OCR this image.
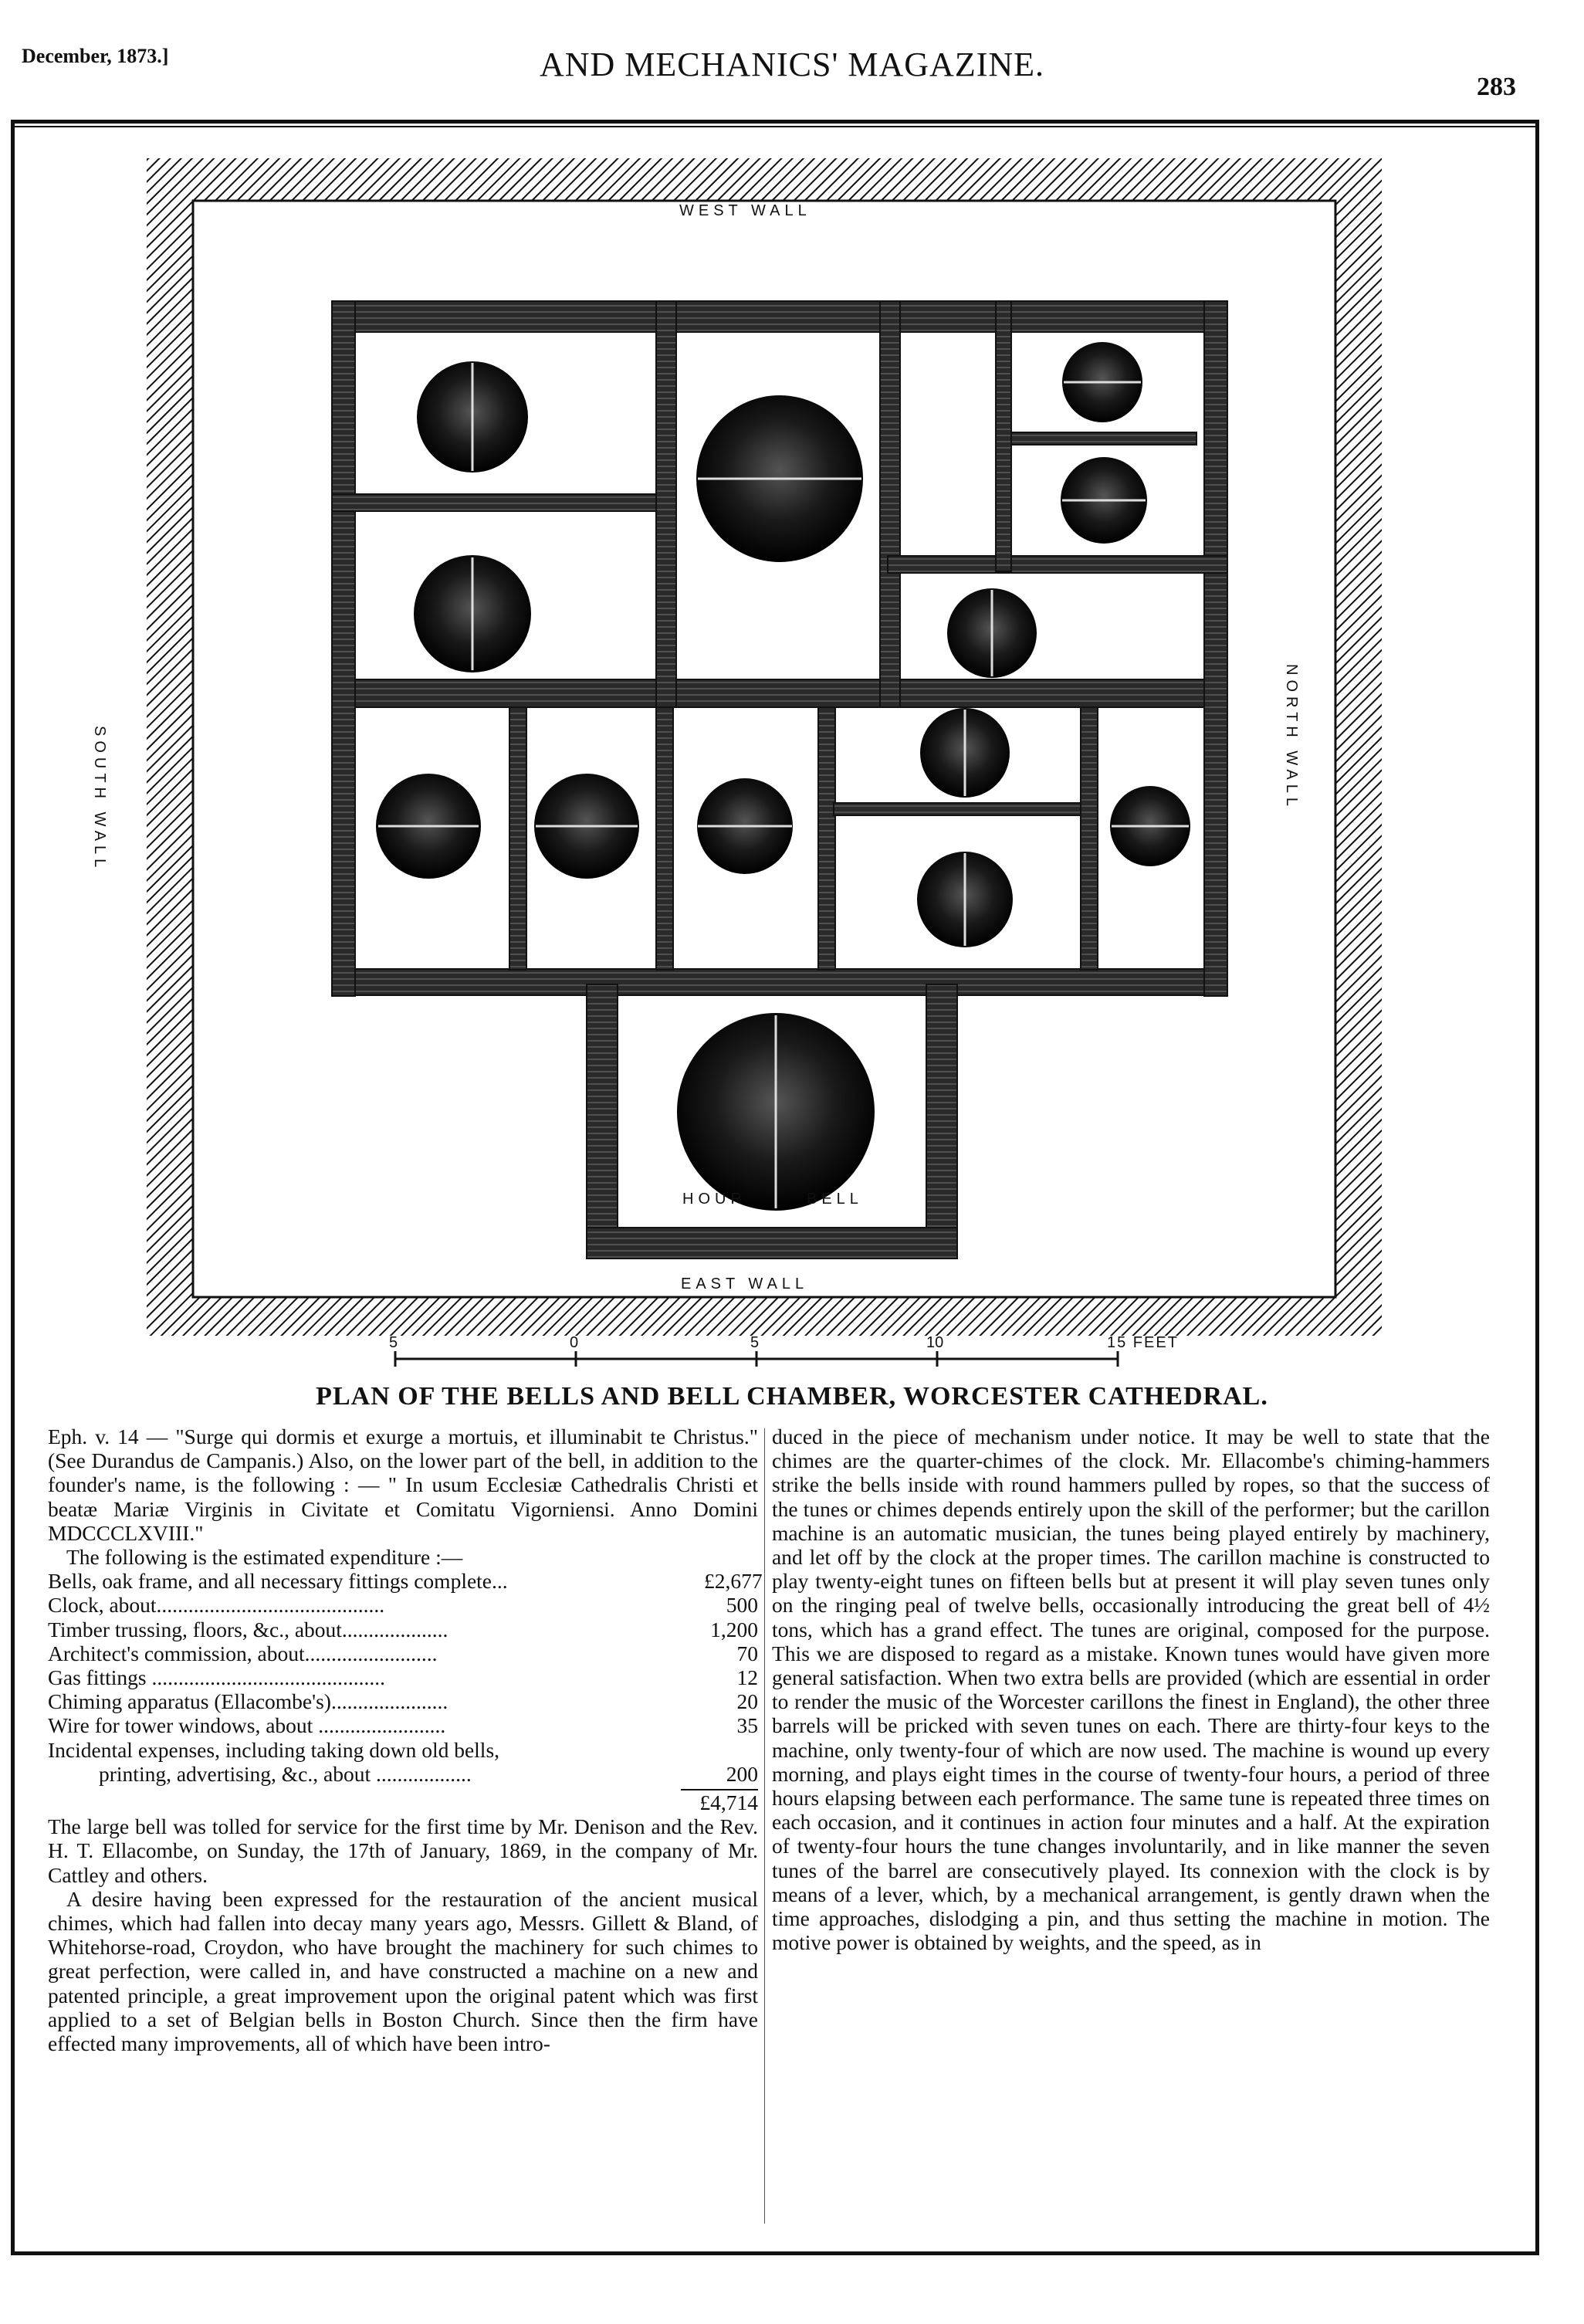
December, 1873.]	AND MECHANICS' MAGAZINE.
283
WEST WALL
EAST WALL
SOUTH WALL	NORTH WALL
HOUR	BELL
5	0	5	10	15 FEET
PLAN OF THE BELLS AND BELL CHAMBER, WORCESTER CATHEDRAL.

Eph. v. 14 — "Surge qui dormis et exurge a mortuis, et illuminabit te Christus." (See Durandus de Campanis.) Also, on the lower part of the bell, in addition to the founder's name, is the following : — " In usum Ecclesiæ Cathedralis Christi et beatæ Mariæ Virginis in Civitate et Comitatu Vigorniensi. Anno Domini MDCCCLXVIII."

The following is the estimated expenditure :—

Bells, oak frame, and all necessary fittings complete...	£2,677
Clock, about...........................................	500
Timber trussing, floors, &c., about....................	1,200
Architect's commission, about.........................	70
Gas fittings ............................................	12
Chiming apparatus (Ellacombe's)......................	20
Wire for tower windows, about ........................	35
Incidental expenses, including taking down old bells,
printing, advertising, &c., about ..................	200
£4,714

The large bell was tolled for service for the first time by Mr. Denison and the Rev. H. T. Ellacombe, on Sunday, the 17th of January, 1869, in the company of Mr. Cattley and others.

A desire having been expressed for the restauration of the ancient musical chimes, which had fallen into decay many years ago, Messrs. Gillett & Bland, of Whitehorse-road, Croydon, who have brought the machinery for such chimes to great perfection, were called in, and have constructed a machine on a new and patented principle, a great improvement upon the original patent which was first applied to a set of Belgian bells in Boston Church. Since then the firm have effected many improvements, all of which have been intro-

duced in the piece of mechanism under notice. It may be well to state that the chimes are the quarter-chimes of the clock. Mr. Ellacombe's chiming-hammers strike the bells inside with round hammers pulled by ropes, so that the success of the tunes or chimes depends entirely upon the skill of the performer; but the carillon machine is an automatic musician, the tunes being played entirely by machinery, and let off by the clock at the proper times. The carillon machine is constructed to play twenty-eight tunes on fifteen bells but at present it will play seven tunes only on the ringing peal of twelve bells, occasionally introducing the great bell of 4½ tons, which has a grand effect. The tunes are original, composed for the purpose. This we are disposed to regard as a mistake. Known tunes would have given more general satisfaction. When two extra bells are provided (which are essential in order to render the music of the Worcester carillons the finest in England), the other three barrels will be pricked with seven tunes on each. There are thirty-four keys to the machine, only twenty-four of which are now used. The machine is wound up every morning, and plays eight times in the course of twenty-four hours, a period of three hours elapsing between each performance. The same tune is repeated three times on each occasion, and it continues in action four minutes and a half. At the expiration of twenty-four hours the tune changes involuntarily, and in like manner the seven tunes of the barrel are consecutively played. Its connexion with the clock is by means of a lever, which, by a mechanical arrangement, is gently drawn when the time approaches, dislodging a pin, and thus setting the machine in motion. The motive power is obtained by weights, and the speed, as in
